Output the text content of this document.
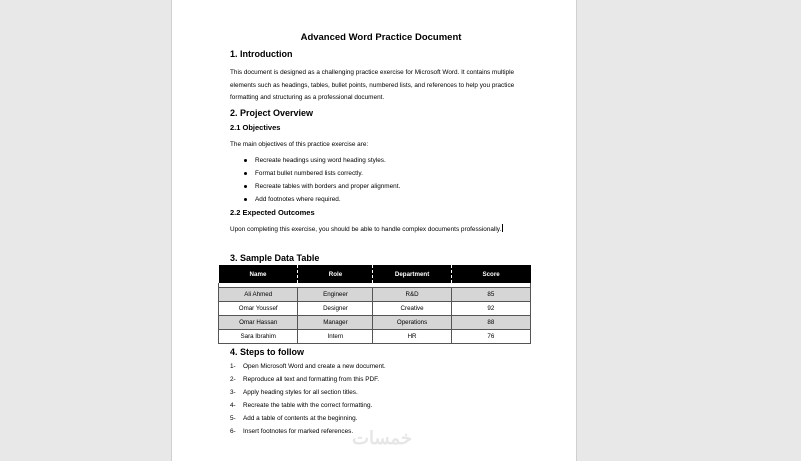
Advanced Word Practice Document
1. Introduction
This document is designed as a challenging practice exercise for Microsoft Word. It contains multiple elements such as headings, tables, bullet points, numbered lists, and references to help you practice formatting and structuring as a professional document.
2. Project Overview
2.1 Objectives
The main objectives of this practice exercise are:
Recreate headings using word heading styles.
Format bullet numbered lists correctly.
Recreate tables with borders and proper alignment.
Add footnotes where required.
2.2 Expected Outcomes
Upon completing this exercise, you should be able to handle complex documents professionally.
3. Sample Data Table
Name	Role	Department	Score

Ali Ahmed	Engineer	R&D	85
Omar Youssef	Designer	Creative	92
Omar Hassan	Manager	Operations	88
Sara Ibrahim	Intern	HR	76
4. Steps to follow
1- Open Microsoft Word and create a new document.
2- Reproduce all text and formatting from this PDF.
3- Apply heading styles for all section titles.
4- Recreate the table with the correct formatting.
5- Add a table of contents at the beginning.
6- Insert footnotes for marked references.
خمسات
